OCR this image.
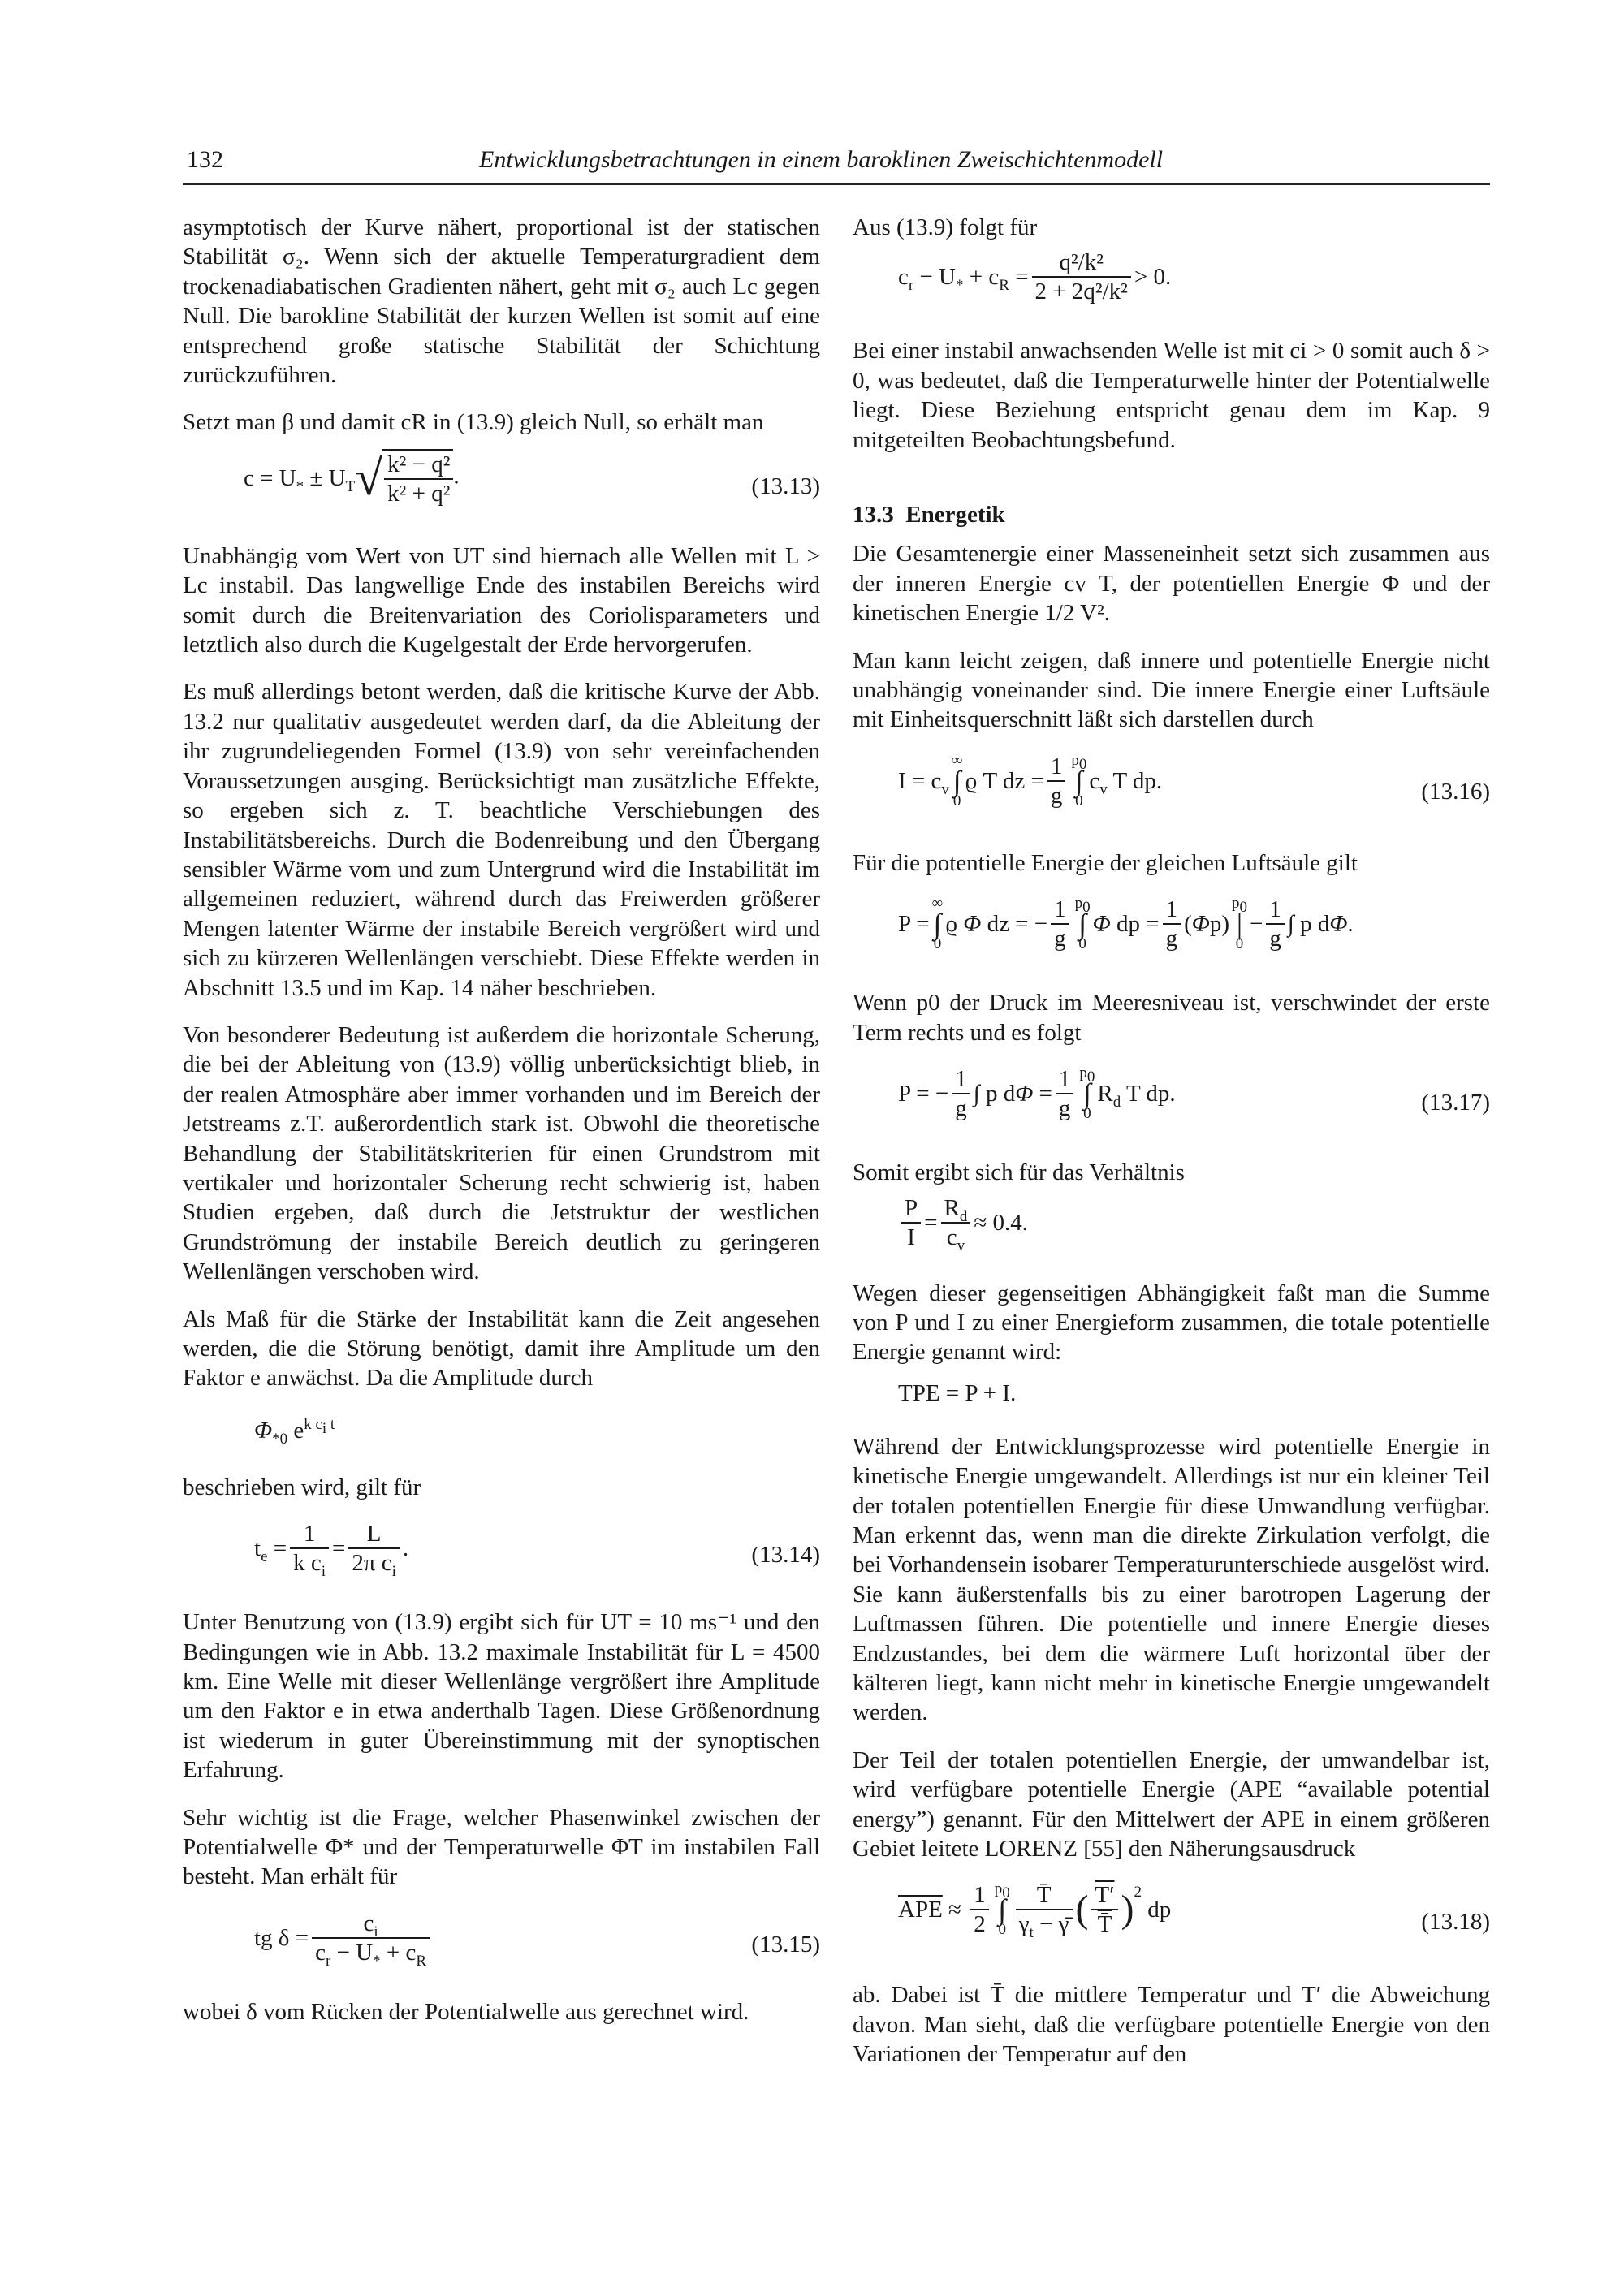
132	Entwicklungsbetrachtungen in einem baroklinen Zweischichtenmodell

asymptotisch der Kurve nähert, proportional ist der statischen Stabilität σ₂. Wenn sich der aktuelle Temperaturgradient dem trockenadiabatischen Gradienten nähert, geht mit σ₂ auch Lc gegen Null. Die barokline Stabilität der kurzen Wellen ist somit auf eine entsprechend große statische Stabilität der Schichtung zurückzuführen.

Setzt man β und damit cR in (13.9) gleich Null, so erhält man

$c = U_* \pm U_T√ \frac{\text{k² − q²}}{\text{k² + q²}}$ .	(13.13)

Unabhängig vom Wert von UT sind hiernach alle Wellen mit L > Lc instabil. Das langwellige Ende des instabilen Bereichs wird somit durch die Breitenvariation des Coriolisparameters und letztlich also durch die Kugelgestalt der Erde hervorgerufen.

Es muß allerdings betont werden, daß die kritische Kurve der Abb. 13.2 nur qualitativ ausgedeutet werden darf, da die Ableitung der ihr zugrundeliegenden Formel (13.9) von sehr vereinfachenden Voraussetzungen ausging. Berücksichtigt man zusätzliche Effekte, so ergeben sich z. T. beachtliche Verschiebungen des Instabilitätsbereichs. Durch die Bodenreibung und den Übergang sensibler Wärme vom und zum Untergrund wird die Instabilität im allgemeinen reduziert, während durch das Freiwerden größerer Mengen latenter Wärme der instabile Bereich vergrößert wird und sich zu kürzeren Wellenlängen verschiebt. Diese Effekte werden in Abschnitt 13.5 und im Kap. 14 näher beschrieben.

Von besonderer Bedeutung ist außerdem die horizontale Scherung, die bei der Ableitung von (13.9) völlig unberücksichtigt blieb, in der realen Atmosphäre aber immer vorhanden und im Bereich der Jetstreams z.T. außerordentlich stark ist. Obwohl die theoretische Behandlung der Stabilitätskriterien für einen Grundstrom mit vertikaler und horizontaler Scherung recht schwierig ist, haben Studien ergeben, daß durch die Jetstruktur der westlichen Grundströmung der instabile Bereich deutlich zu geringeren Wellenlängen verschoben wird.

Als Maß für die Stärke der Instabilität kann die Zeit angesehen werden, die die Störung benötigt, damit ihre Amplitude um den Faktor e anwächst. Da die Amplitude durch

$\Phi_{*0}$ $e^{k c_i t}$

beschrieben wird, gilt für

$t_e = \frac{1}{k c_i} = \frac{L}{2\pi c_i}$ .	(13.14)

Unter Benutzung von (13.9) ergibt sich für UT = 10 ms⁻¹ und den Bedingungen wie in Abb. 13.2 maximale Instabilität für L = 4500 km. Eine Welle mit dieser Wellenlänge vergrößert ihre Amplitude um den Faktor e in etwa anderthalb Tagen. Diese Größenordnung ist wiederum in guter Übereinstimmung mit der synoptischen Erfahrung.

Sehr wichtig ist die Frage, welcher Phasenwinkel zwischen der Potentialwelle Φ* und der Temperaturwelle ΦT im instabilen Fall besteht. Man erhält für

tg $\delta = \frac{c_i}{c_r - U_* + c_R}$	(13.15)

wobei δ vom Rücken der Potentialwelle aus gerechnet wird.

Aus (13.9) folgt für

$c_r - U_* + c_R = \frac{\text{q²/k²}}{\text{2 + 2q²/k²}} > 0$.

Bei einer instabil anwachsenden Welle ist mit ci > 0 somit auch δ > 0, was bedeutet, daß die Temperaturwelle hinter der Potentialwelle liegt. Diese Beziehung entspricht genau dem im Kap. 9 mitgeteilten Beobachtungsbefund.

13.3 Energetik

Die Gesamtenergie einer Masseneinheit setzt sich zusammen aus der inneren Energie cv T, der potentiellen Energie Φ und der kinetischen Energie 1/2 V².

Man kann leicht zeigen, daß innere und potentielle Energie nicht unabhängig voneinander sind. Die innere Energie einer Luftsäule mit Einheitsquerschnitt läßt sich darstellen durch

$I = c_v$
∞
∫
0
ϱ T dz = $\frac{1}{g} p_0$
∫
0
$c_v$ T dp.	(13.16)

Für die potentielle Energie der gleichen Luftsäule gilt

P =
∞
∫
0
ϱ Φ dz = − $\frac{1}{g} p_0$
∫
0
Φ dp = $\frac{1}{g} (\Phi p)$
$p_0$
|
0
− $\frac{1}{g}$ ∫ p dΦ.

Wenn p0 der Druck im Meeresniveau ist, verschwindet der erste Term rechts und es folgt

P = − $\frac{1}{g}$ ∫ p $d\Phi = \frac{1}{g} p_0$
∫
0
$R_d$ T dp.	(13.17)

Somit ergibt sich für das Verhältnis

$\frac{P}{I} = \frac{R_d}{c_v} \approx 0.4$.

Wegen dieser gegenseitigen Abhängigkeit faßt man die Summe von P und I zu einer Energieform zusammen, die totale potentielle Energie genannt wird:

TPE = P + I.

Während der Entwicklungsprozesse wird potentielle Energie in kinetische Energie umgewandelt. Allerdings ist nur ein kleiner Teil der totalen potentiellen Energie für diese Umwandlung verfügbar. Man erkennt das, wenn man die direkte Zirkulation verfolgt, die bei Vorhandensein isobarer Temperaturunterschiede ausgelöst wird. Sie kann äußerstenfalls bis zu einer barotropen Lagerung der Luftmassen führen. Die potentielle und innere Energie dieses Endzustandes, bei dem die wärmere Luft horizontal über der kälteren liegt, kann nicht mehr in kinetische Energie umgewandelt werden.

Der Teil der totalen potentiellen Energie, der umwandelbar ist, wird verfügbare potentielle Energie (APE “available potential energy”) genannt. Für den Mittelwert der APE in einem größeren Gebiet leitete LORENZ [55] den Näherungsausdruck

$\overline{APE} \approx \frac{1}{2} p_0$
∫
$0 \frac{T̄}{\gamma_t - \gammā}$ ( $\frac{T'}{T̄} )^2$ dp	(13.18)

ab. Dabei ist T̄ die mittlere Temperatur und T′ die Abweichung davon. Man sieht, daß die verfügbare potentielle Energie von den Variationen der Temperatur auf den
